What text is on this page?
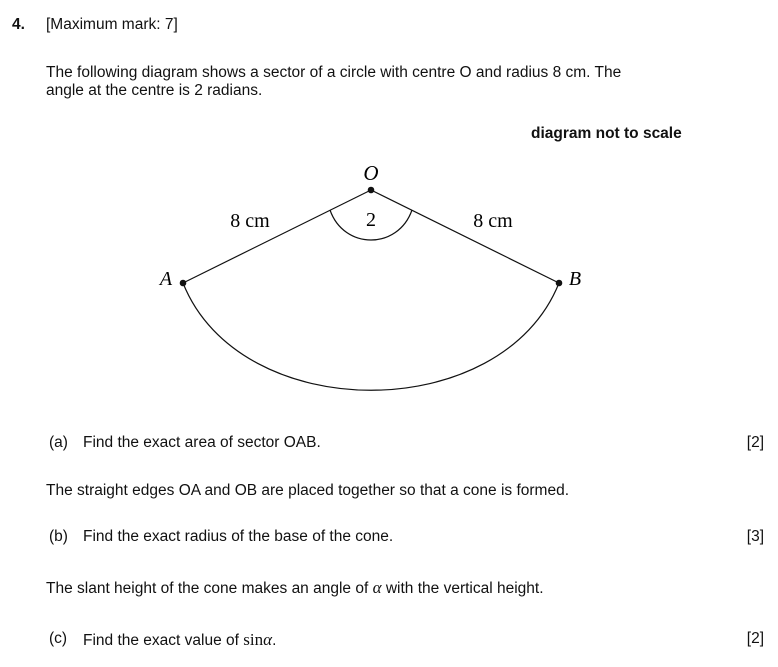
4. [Maximum mark: 7]
The following diagram shows a sector of a circle with centre O and radius 8 cm. The
angle at the centre is 2 radians.
diagram not to scale
O
A	B
8 cm	8 cm
2
(a) Find the exact area of sector OAB.	[2]
The straight edges OA and OB are placed together so that a cone is formed.
(b) Find the exact radius of the base of the cone.	[3]
The slant height of the cone makes an angle of α with the vertical height.
(c) Find the exact value of sinα.	[2]
